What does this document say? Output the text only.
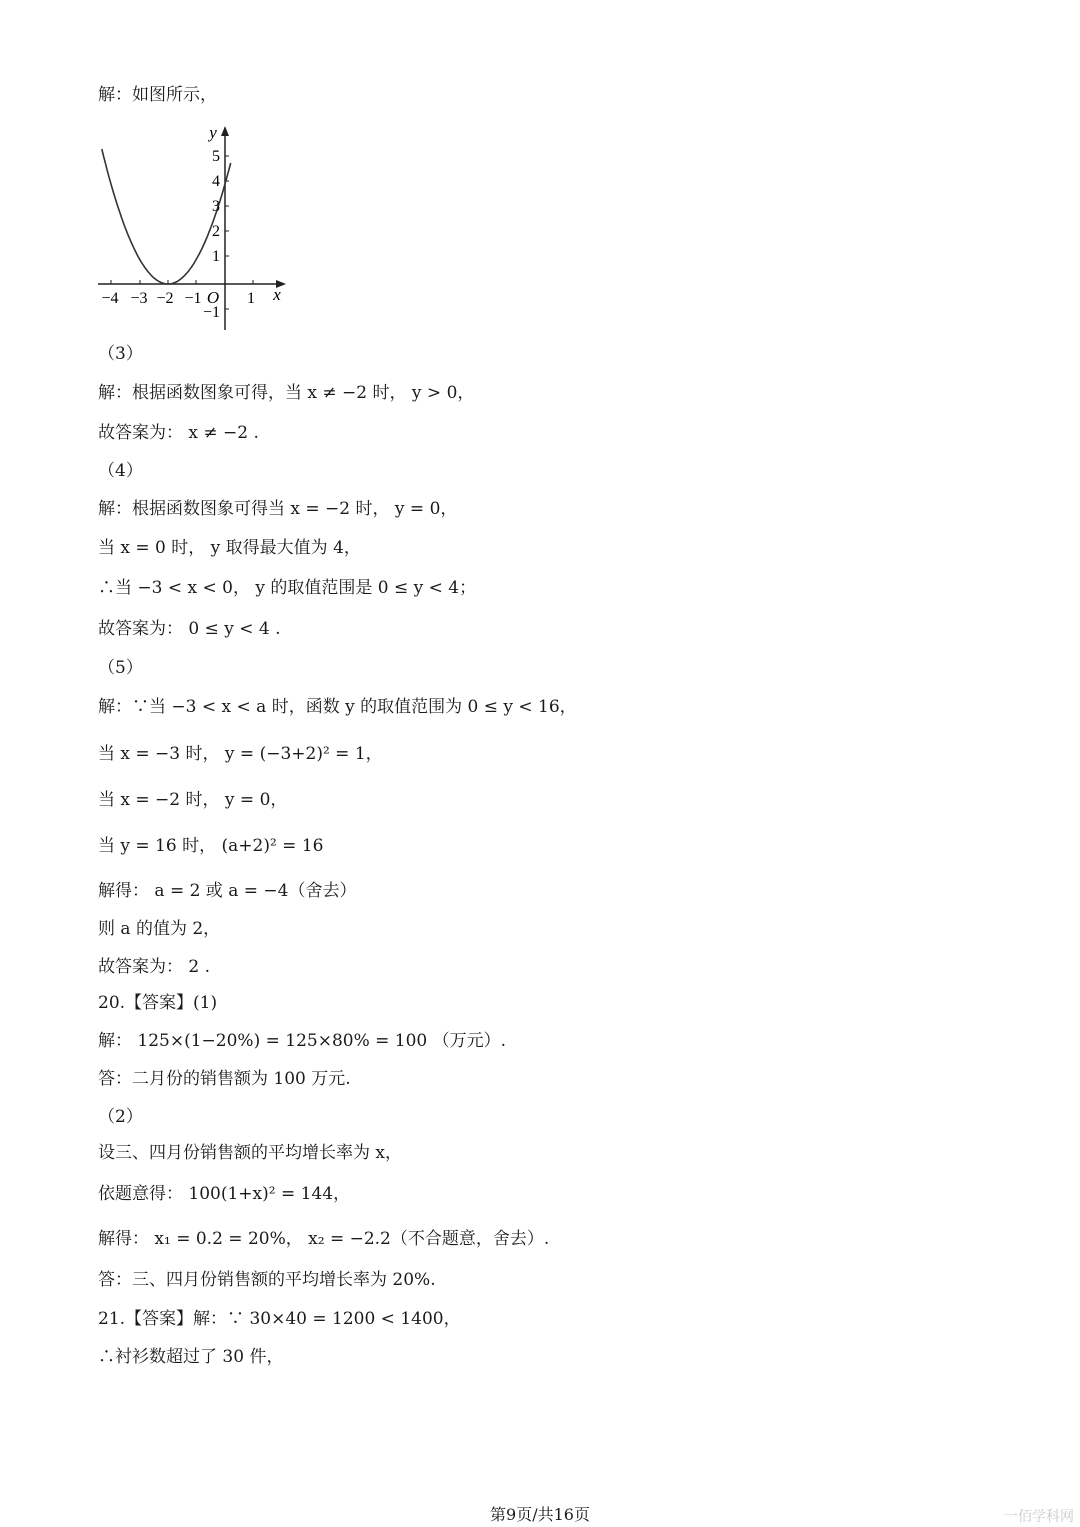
解：如图所示，
−4 −3 −2 −1	1
O	x
5
4
3
2
1
−1
y
（3）
解：根据函数图象可得，当 x ≠ −2 时， y > 0，
故答案为： x ≠ −2 .
（4）
解：根据函数图象可得当 x = −2 时， y = 0，
当 x = 0 时， y 取得最大值为 4，
∴当 −3 < x < 0， y 的取值范围是 0 ≤ y < 4；
故答案为： 0 ≤ y < 4 .
（5）
解：∵当 −3 < x < a 时，函数 y 的取值范围为 0 ≤ y < 16，
当 x = −3 时， y = (−3+2)² = 1，
当 x = −2 时， y = 0，
当 y = 16 时， (a+2)² = 16
解得： a = 2 或 a = −4（舍去）
则 a 的值为 2，
故答案为： 2 .
20.【答案】(1)
解： 125×(1−20%) = 125×80% = 100 （万元）.
答：二月份的销售额为 100 万元.
（2）
设三、四月份销售额的平均增长率为 x，
依题意得： 100(1+x)² = 144，
解得： x₁ = 0.2 = 20%， x₂ = −2.2（不合题意，舍去）.
答：三、四月份销售额的平均增长率为 20%.
21.【答案】解：∵ 30×40 = 1200 < 1400，
∴衬衫数超过了 30 件，
第9页/共16页	一佰学科网
